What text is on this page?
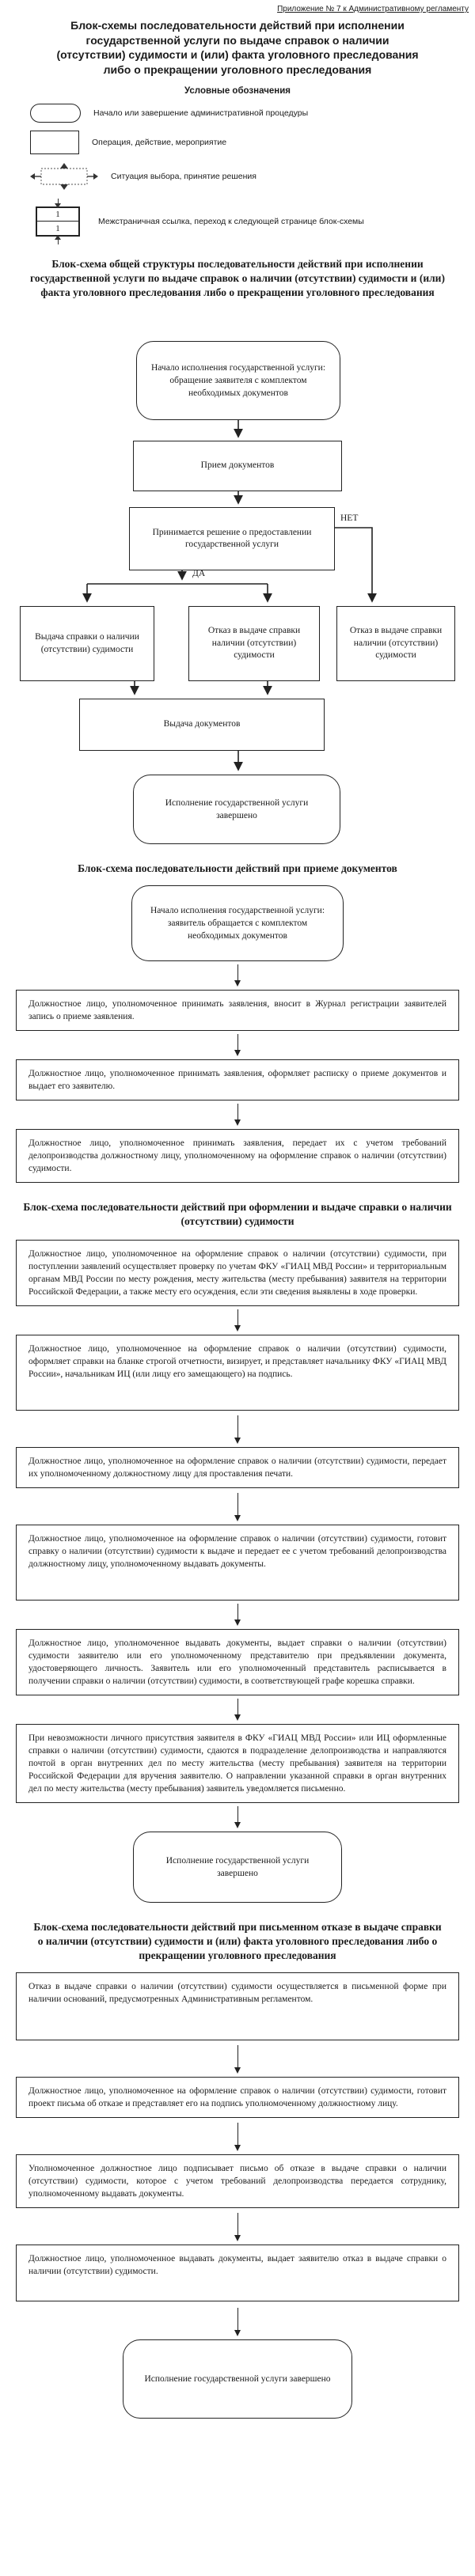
Приложение № 7 к Административному регламенту
Блок-схемы последовательности действий при исполнении государственной услуги по выдаче справок о наличии (отсутствии) судимости и (или) факта уголовного преследования либо о прекращении уголовного преследования
Условные обозначения
Начало или завершение административной процедуры
Операция, действие, мероприятие
Ситуация выбора, принятие решения
1
1
Межстраничная ссылка, переход к следующей странице блок-схемы
Блок-схема общей структуры последовательности действий при исполнении государственной услуги по выдаче справок о наличии (отсутствии) судимости и (или) факта уголовного преследования либо о прекращении уголовного преследования
Начало исполнения государственной услуги: обращение заявителя с комплектом необходимых документов
Прием документов
Принимается решение о предоставлении государственной услуги
НЕТ
ДА
Выдача справки о наличии (отсутствии) судимости
Отказ в выдаче справки наличии (отсутствии) судимости
Отказ в выдаче справки наличии (отсутствии) судимости
Выдача документов
Исполнение государственной услуги завершено
Блок-схема последовательности действий при приеме документов
Начало исполнения государственной услуги: заявитель обращается с комплектом необходимых документов

Должностное лицо, уполномоченное принимать заявления, вносит в Журнал регистрации заявителей запись о приеме заявления.

Должностное лицо, уполномоченное принимать заявления, оформляет расписку о приеме документов и выдает его заявителю.

Должностное лицо, уполномоченное принимать заявления, передает их с учетом требований делопроизводства должностному лицу, уполномоченному на оформление справок о наличии (отсутствии) судимости.

Блок-схема последовательности действий при оформлении и выдаче справки о наличии (отсутствии) судимости

Должностное лицо, уполномоченное на оформление справок о наличии (отсутствии) судимости, при поступлении заявлений осуществляет проверку по учетам ФКУ «ГИАЦ МВД России» и территориальным органам МВД России по месту рождения, месту жительства (месту пребывания) заявителя на территории Российской Федерации, а также месту его осуждения, если эти сведения выявлены в ходе проверки.

Должностное лицо, уполномоченное на оформление справок о наличии (отсутствии) судимости, оформляет справки на бланке строгой отчетности, визирует, и представляет начальнику ФКУ «ГИАЦ МВД России», начальникам ИЦ (или лицу его замещающего) на подпись.

Должностное лицо, уполномоченное на оформление справок о наличии (отсутствии) судимости, передает их уполномоченному должностному лицу для проставления печати.

Должностное лицо, уполномоченное на оформление справок о наличии (отсутствии) судимости, готовит справку о наличии (отсутствии) судимости к выдаче и передает ее с учетом требований делопроизводства должностному лицу, уполномоченному выдавать документы.

Должностное лицо, уполномоченное выдавать документы, выдает справки о наличии (отсутствии) судимости заявителю или его уполномоченному представителю при предъявлении документа, удостоверяющего личность. Заявитель или его уполномоченный представитель расписывается в получении справки о наличии (отсутствии) судимости, в соответствующей графе корешка справки.

При невозможности личного присутствия заявителя в ФКУ «ГИАЦ МВД России» или ИЦ оформленные справки о наличии (отсутствии) судимости, сдаются в подразделение делопроизводства и направляются почтой в орган внутренних дел по месту жительства (месту пребывания) заявителя на территории Российской Федерации для вручения заявителю. О направлении указанной справки в орган внутренних дел по месту жительства (месту пребывания) заявитель уведомляется письменно.

Исполнение государственной услуги завершено
Блок-схема последовательности действий при письменном отказе в выдаче справки о наличии (отсутствии) судимости и (или) факта уголовного преследования либо о прекращении уголовного преследования

Отказ в выдаче справки о наличии (отсутствии) судимости осуществляется в письменной форме при наличии оснований, предусмотренных Административным регламентом.

Должностное лицо, уполномоченное на оформление справок о наличии (отсутствии) судимости, готовит проект письма об отказе и представляет его на подпись уполномоченному должностному лицу.

Уполномоченное должностное лицо подписывает письмо об отказе в выдаче справки о наличии (отсутствии) судимости, которое с учетом требований делопроизводства передается сотруднику, уполномоченному выдавать документы.

Должностное лицо, уполномоченное выдавать документы, выдает заявителю отказ в выдаче справки о наличии (отсутствии) судимости.

Исполнение государственной услуги завершено
